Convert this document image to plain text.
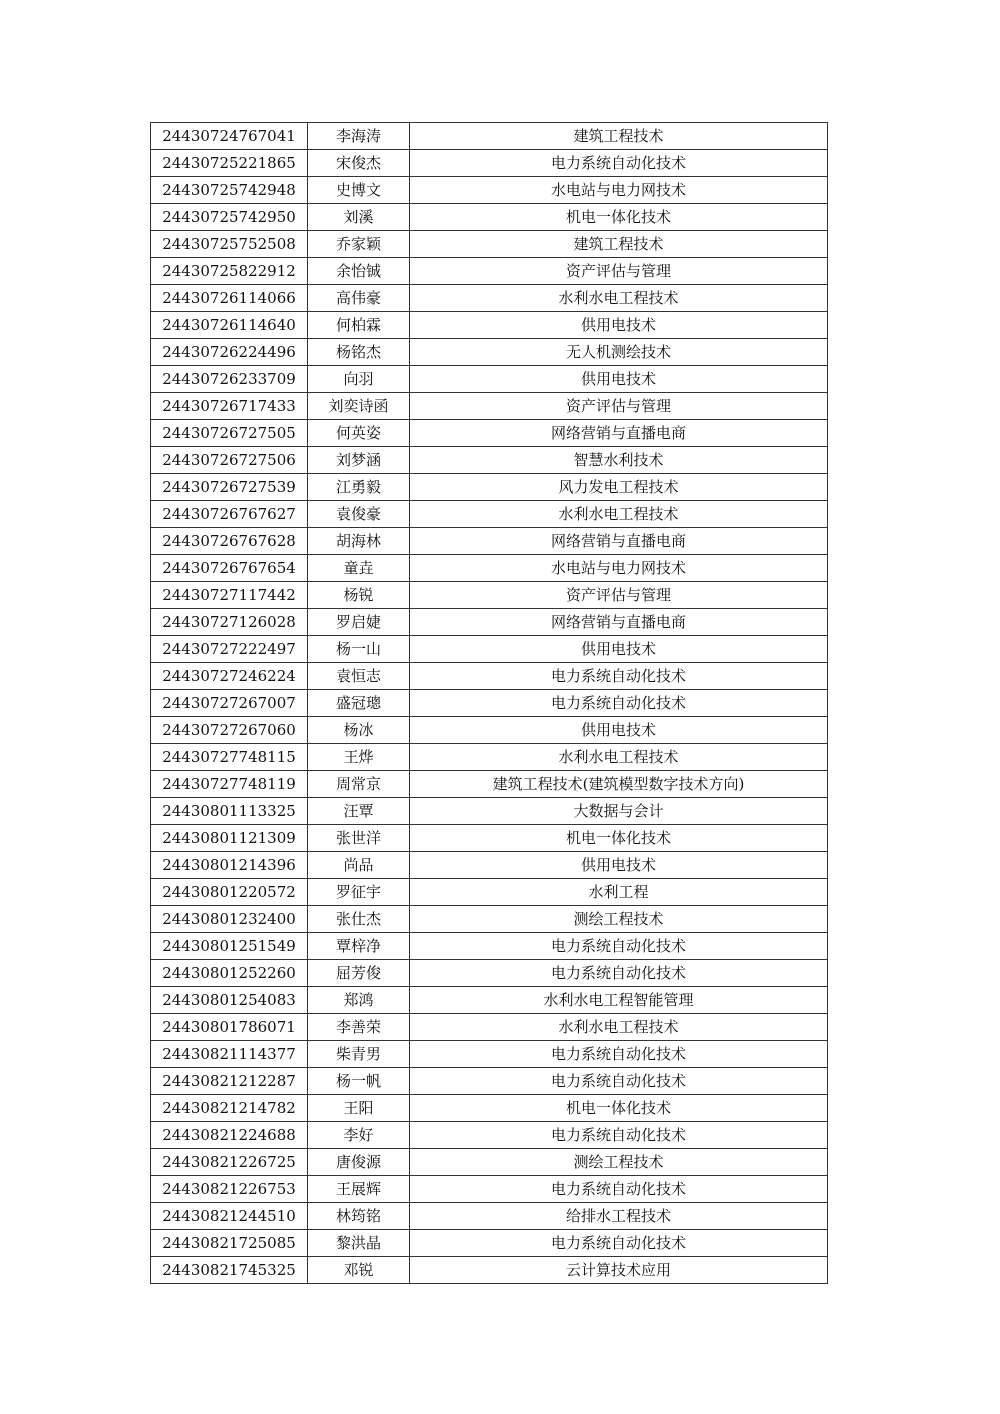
24430724767041	李海涛	建筑工程技术
24430725221865	宋俊杰	电力系统自动化技术
24430725742948	史博文	水电站与电力网技术
24430725742950	刘溪	机电一体化技术
24430725752508	乔家颖	建筑工程技术
24430725822912	余怡铖	资产评估与管理
24430726114066	高伟豪	水利水电工程技术
24430726114640	何柏霖	供用电技术
24430726224496	杨铭杰	无人机测绘技术
24430726233709	向羽	供用电技术
24430726717433	刘奕诗函	资产评估与管理
24430726727505	何英姿	网络营销与直播电商
24430726727506	刘梦涵	智慧水利技术
24430726727539	江勇毅	风力发电工程技术
24430726767627	袁俊豪	水利水电工程技术
24430726767628	胡海林	网络营销与直播电商
24430726767654	童垚	水电站与电力网技术
24430727117442	杨锐	资产评估与管理
24430727126028	罗启婕	网络营销与直播电商
24430727222497	杨一山	供用电技术
24430727246224	袁恒志	电力系统自动化技术
24430727267007	盛冠璁	电力系统自动化技术
24430727267060	杨冰	供用电技术
24430727748115	王烨	水利水电工程技术
24430727748119	周常京	建筑工程技术(建筑模型数字技术方向)
24430801113325	汪覃	大数据与会计
24430801121309	张世洋	机电一体化技术
24430801214396	尚品	供用电技术
24430801220572	罗征宇	水利工程
24430801232400	张仕杰	测绘工程技术
24430801251549	覃梓净	电力系统自动化技术
24430801252260	屈芳俊	电力系统自动化技术
24430801254083	郑鸿	水利水电工程智能管理
24430801786071	李善荣	水利水电工程技术
24430821114377	柴青男	电力系统自动化技术
24430821212287	杨一帆	电力系统自动化技术
24430821214782	王阳	机电一体化技术
24430821224688	李好	电力系统自动化技术
24430821226725	唐俊源	测绘工程技术
24430821226753	王展辉	电力系统自动化技术
24430821244510	林筠铭	给排水工程技术
24430821725085	黎洪晶	电力系统自动化技术
24430821745325	邓锐	云计算技术应用
